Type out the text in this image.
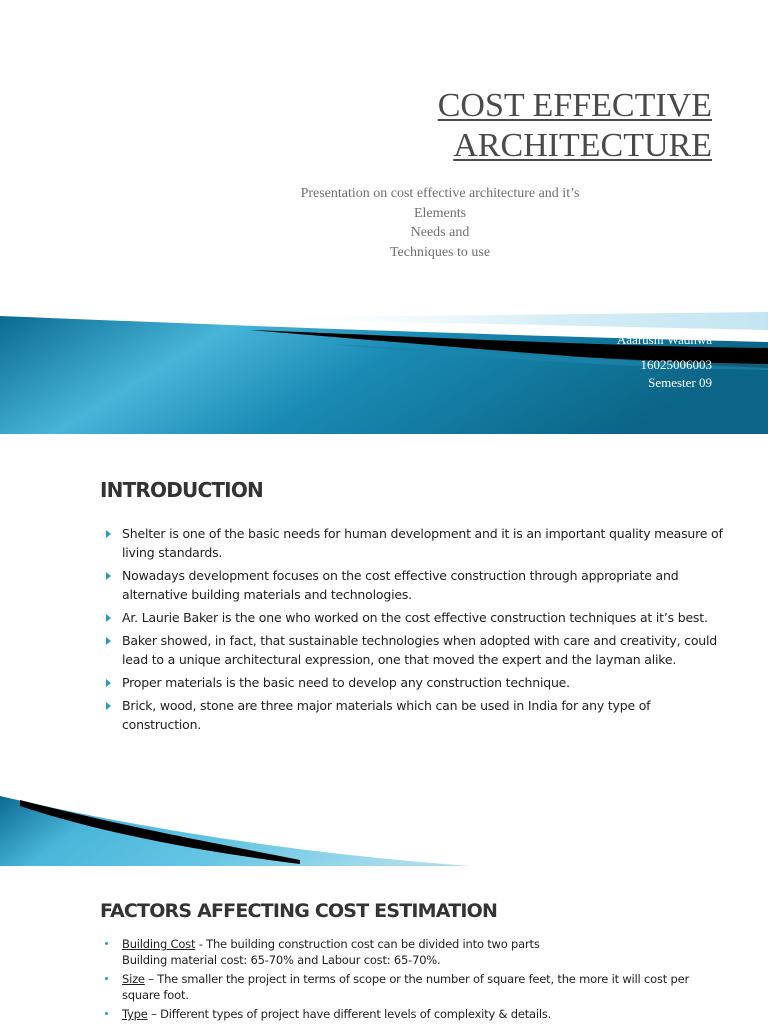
COST EFFECTIVE
ARCHITECTURE
Presentation on cost effective architecture and it’s
Elements
Needs and
Techniques to use
Aaarushi Wadhwa
16025006003
Semester 09
INTRODUCTION
Shelter is one of the basic needs for human development and it is an important quality measure of living standards.
Nowadays development focuses on the cost effective construction through appropriate and alternative building materials and technologies.
Ar. Laurie Baker is the one who worked on the cost effective construction techniques at it’s best.
Baker showed, in fact, that sustainable technologies when adopted with care and creativity, could lead to a unique architectural expression, one that moved the expert and the layman alike.
Proper materials is the basic need to develop any construction technique.
Brick, wood, stone are three major materials which can be used in India for any type of construction.
FACTORS AFFECTING COST ESTIMATION
Building Cost - The building construction cost can be divided into two parts
Building material cost: 65-70% and Labour cost: 65-70%.
Size – The smaller the project in terms of scope or the number of square feet, the more it will cost per square foot.
Type – Different types of project have different levels of complexity & details.
